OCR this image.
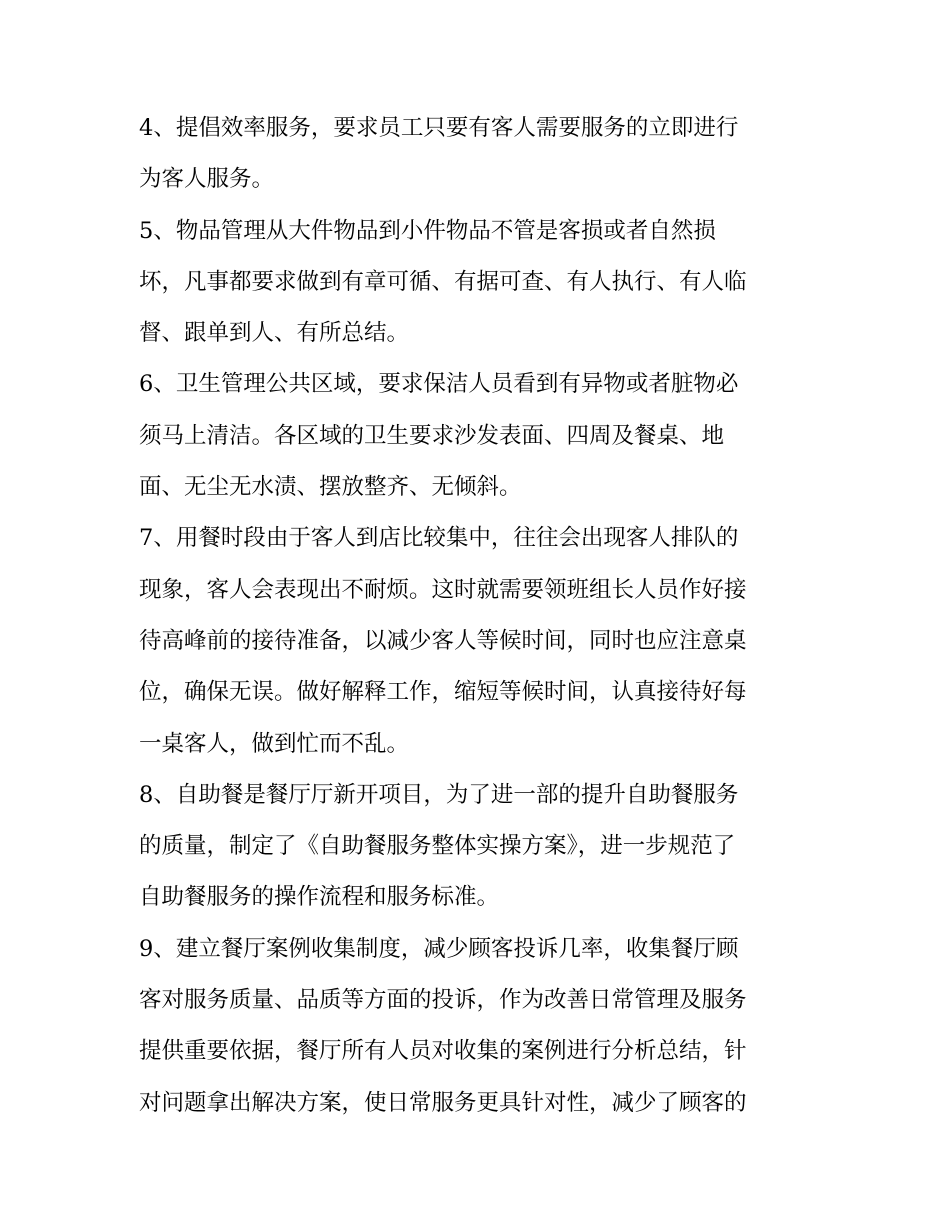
4、提倡效率服务，要求员工只要有客人需要服务的立即进行
为客人服务。
5、物品管理从大件物品到小件物品不管是客损或者自然损
坏，凡事都要求做到有章可循、有据可查、有人执行、有人临
督、跟单到人、有所总结。
6、卫生管理公共区域，要求保洁人员看到有异物或者脏物必
须马上清洁。各区域的卫生要求沙发表面、四周及餐桌、地
面、无尘无水渍、摆放整齐、无倾斜。
7、用餐时段由于客人到店比较集中，往往会出现客人排队的
现象，客人会表现出不耐烦。这时就需要领班组长人员作好接
待高峰前的接待准备，以减少客人等候时间，同时也应注意桌
位，确保无误。做好解释工作，缩短等候时间，认真接待好每
一桌客人，做到忙而不乱。
8、自助餐是餐厅厅新开项目，为了进一部的提升自助餐服务
的质量，制定了《自助餐服务整体实操方案》，进一步规范了
自助餐服务的操作流程和服务标准。
9、建立餐厅案例收集制度，减少顾客投诉几率，收集餐厅顾
客对服务质量、品质等方面的投诉，作为改善日常管理及服务
提供重要依据，餐厅所有人员对收集的案例进行分析总结，针
对问题拿出解决方案，使日常服务更具针对性，减少了顾客的
